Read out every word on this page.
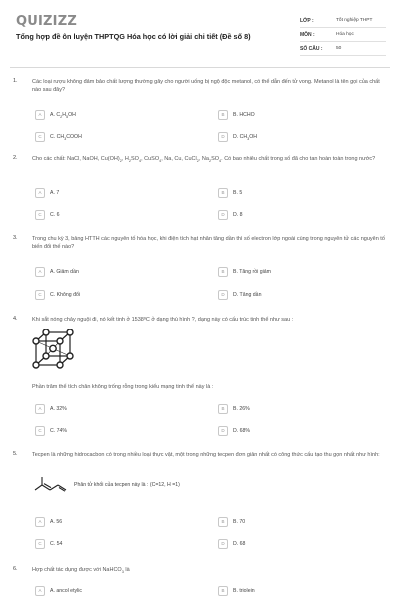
QUIZIZZ
Tổng hợp đề ôn luyện THPTQG Hóa học có lời giải chi tiết (Đề số 8)
LỚP :	Tốt nghiệp THPT
MÔN :	Hóa học
SỐ CÂU :	50
1.	Các loại rượu không đảm bảo chất lượng thường gây cho người uống bị ngộ độc metanol, có thể dẫn đến tử vong. Metanol là tên gọi của chất nào sau đây?
A	A. $C_2H_5OH$	B	B. HCHO
C	C. $CH_3COOH$	D	D. $CH_3OH$
2.	Cho các chất: NaCl, NaOH, $Cu(OH)_2$, $H_2SO_4$, CuSO$_4$, Na, Cu, CuCl$_2$, $Na_2SO_4$. Có bao nhiêu chất trong số đã cho tan hoàn toàn trong nước?
A	A. 7	B	B. 5
C	C. 6	D	D. 8
3.	Trong chu kỳ 3, bảng HTTH các nguyên tố hóa học, khi điện tích hạt nhân tăng dần thì số electron lớp ngoài cùng trong nguyên tử các nguyên tố biến đổi thế nào?
A	A. Giảm dần	B	B. Tăng rồi giảm
C	C. Không đổi	D	D. Tăng dần
4.	Khi sắt nóng chảy nguội đi, nó kết tinh ở 1538ºC ở dạng thù hình ?, dạng này có cấu trúc tinh thể như sau :
Phần trăm thể tích chân không trống rỗng trong kiểu mạng tinh thể này là :
A	A. 32%	B	B. 26%
C	C. 74%	D	D. 68%
5.	Tecpen là những hidrocacbon có trong nhiều loại thực vật, một trong những tecpen đơn giản nhất có công thức cấu tạo thu gọn nhất như hình:
Phân tử khối của tecpen này là : (C=12, H =1)
A	A. 56	B	B. 70
C	C. 54	D	D. 68
6.	Hợp chất tác dụng được với NaHCO$_3$ là
A	A. ancol etylic	B	B. triolein
